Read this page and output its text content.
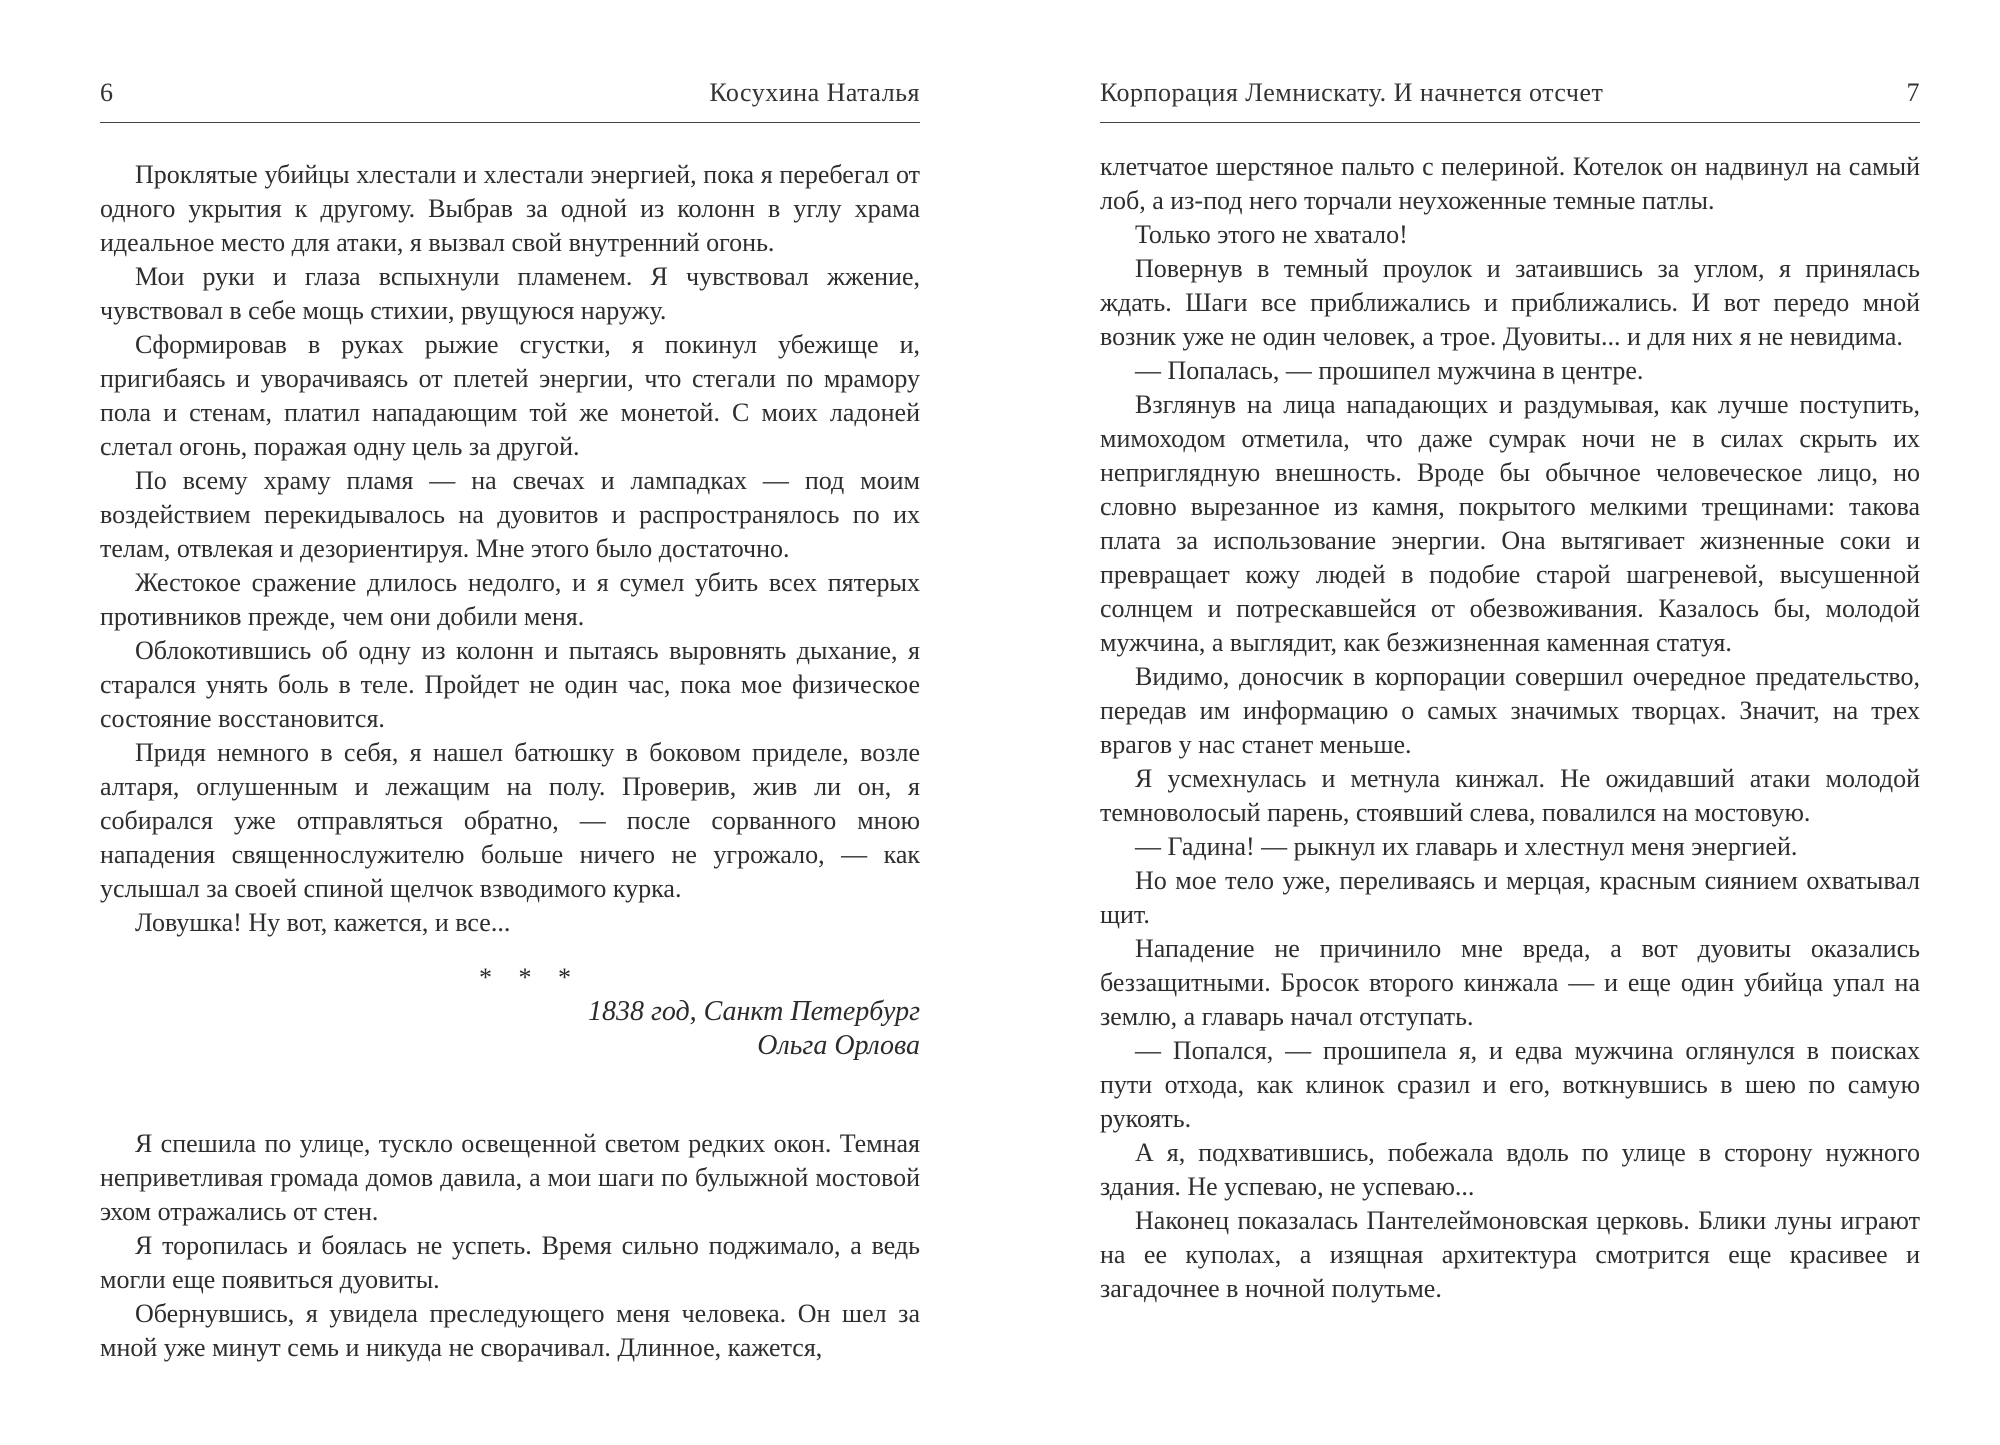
6	Косухина Наталья

Проклятые убийцы хлестали и хлестали энергией, пока я перебегал от одного укрытия к другому. Выбрав за одной из колонн в углу храма идеальное место для атаки, я вызвал свой внутренний огонь.

Мои руки и глаза вспыхнули пламенем. Я чувствовал жжение, чувствовал в себе мощь стихии, рвущуюся наружу.

Сформировав в руках рыжие сгустки, я покинул убежище и, пригибаясь и уворачиваясь от плетей энергии, что стегали по мрамору пола и стенам, платил нападающим той же монетой. С моих ладоней слетал огонь, поражая одну цель за другой.

По всему храму пламя — на свечах и лампадках — под моим воздействием перекидывалось на дуовитов и распространялось по их телам, отвлекая и дезориентируя. Мне этого было достаточно.

Жестокое сражение длилось недолго, и я сумел убить всех пятерых противников прежде, чем они добили меня.

Облокотившись об одну из колонн и пытаясь выровнять дыхание, я старался унять боль в теле. Пройдет не один час, пока мое физическое состояние восстановится.

Придя немного в себя, я нашел батюшку в боковом приделе, возле алтаря, оглушенным и лежащим на полу. Проверив, жив ли он, я собирался уже отправляться обратно, — после сорванного мною нападения священнослужителю больше ничего не угрожало, — как услышал за своей спиной щелчок взводимого курка.

Ловушка! Ну вот, кажется, и все...

* * *
1838 год, Санкт Петербург
Ольга Орлова

Я спешила по улице, тускло освещенной светом редких окон. Темная неприветливая громада домов давила, а мои шаги по булыжной мостовой эхом отражались от стен.

Я торопилась и боялась не успеть. Время сильно поджимало, а ведь могли еще появиться дуовиты.

Обернувшись, я увидела преследующего меня человека. Он шел за мной уже минут семь и никуда не сворачивал. Длинное, кажется,

Корпорация Лемнискату. И начнется отсчет	7

клетчатое шерстяное пальто с пелериной. Котелок он надвинул на самый лоб, а из-под него торчали неухоженные темные патлы.

Только этого не хватало!

Повернув в темный проулок и затаившись за углом, я принялась ждать. Шаги все приближались и приближались. И вот передо мной возник уже не один человек, а трое. Дуовиты... и для них я не невидима.

— Попалась, — прошипел мужчина в центре.

Взглянув на лица нападающих и раздумывая, как лучше поступить, мимоходом отметила, что даже сумрак ночи не в силах скрыть их неприглядную внешность. Вроде бы обычное человеческое лицо, но словно вырезанное из камня, покрытого мелкими трещинами: такова плата за использование энергии. Она вытягивает жизненные соки и превращает кожу людей в подобие старой шагреневой, высушенной солнцем и потрескавшейся от обезвоживания. Казалось бы, молодой мужчина, а выглядит, как безжизненная каменная статуя.

Видимо, доносчик в корпорации совершил очередное предательство, передав им информацию о самых значимых творцах. Значит, на трех врагов у нас станет меньше.

Я усмехнулась и метнула кинжал. Не ожидавший атаки молодой темноволосый парень, стоявший слева, повалился на мостовую.

— Гадина! — рыкнул их главарь и хлестнул меня энергией.

Но мое тело уже, переливаясь и мерцая, красным сиянием охватывал щит.

Нападение не причинило мне вреда, а вот дуовиты оказались беззащитными. Бросок второго кинжала — и еще один убийца упал на землю, а главарь начал отступать.

— Попался, — прошипела я, и едва мужчина оглянулся в поисках пути отхода, как клинок сразил и его, воткнувшись в шею по самую рукоять.

А я, подхватившись, побежала вдоль по улице в сторону нужного здания. Не успеваю, не успеваю...

Наконец показалась Пантелеймоновская церковь. Блики луны играют на ее куполах, а изящная архитектура смотрится еще красивее и загадочнее в ночной полутьме.
